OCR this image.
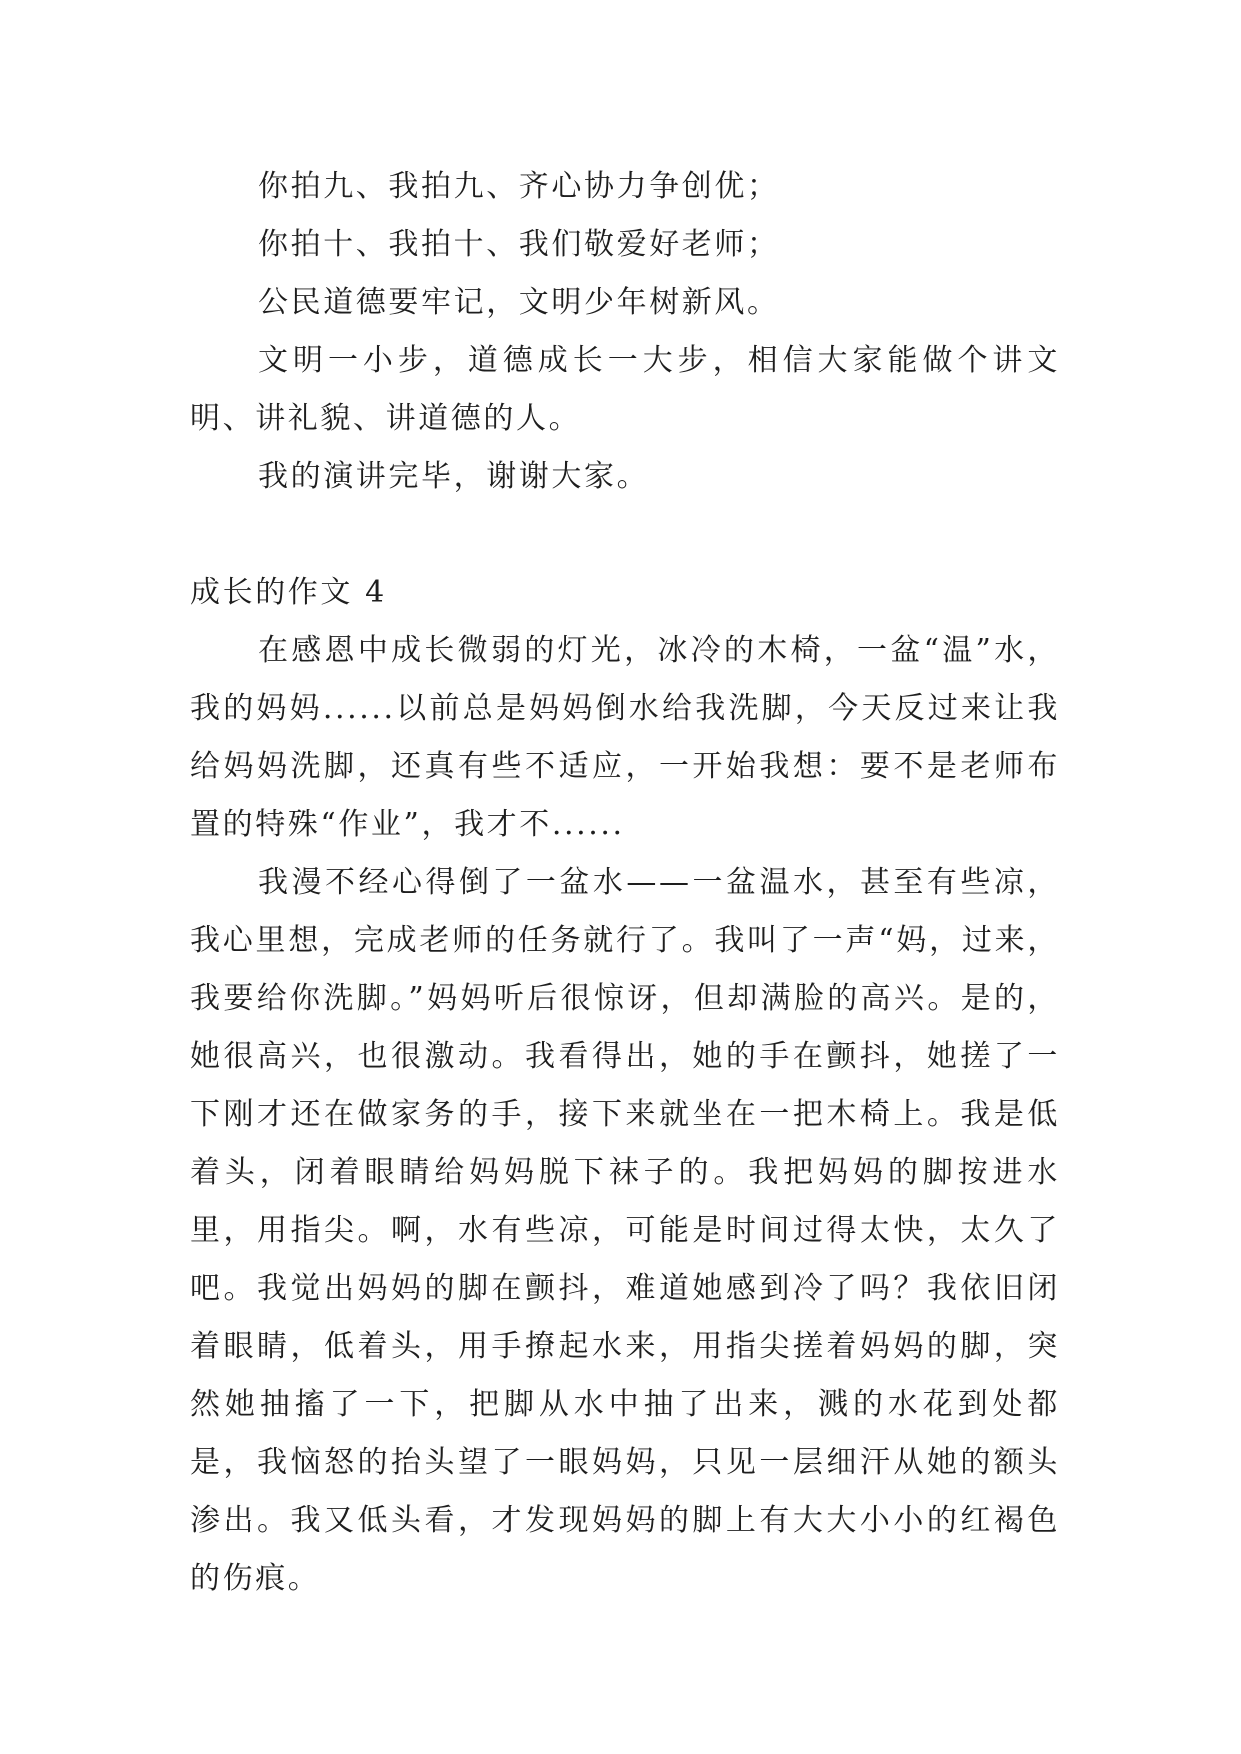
你拍九、我拍九、齐心协力争创优；

你拍十、我拍十、我们敬爱好老师；

公民道德要牢记，文明少年树新风。

文明一小步，道德成长一大步，相信大家能做个讲文明、讲礼貌、讲道德的人。

我的演讲完毕，谢谢大家。

成长的作文 4

在感恩中成长微弱的灯光，冰冷的木椅，一盆“温”水，我的妈妈......以前总是妈妈倒水给我洗脚，今天反过来让我给妈妈洗脚，还真有些不适应，一开始我想：要不是老师布置的特殊“作业”，我才不......

我漫不经心得倒了一盆水——一盆温水，甚至有些凉，我心里想，完成老师的任务就行了。我叫了一声“妈，过来，我要给你洗脚。”妈妈听后很惊讶，但却满脸的高兴。是的，她很高兴，也很激动。我看得出，她的手在颤抖，她搓了一下刚才还在做家务的手，接下来就坐在一把木椅上。我是低着头，闭着眼睛给妈妈脱下袜子的。我把妈妈的脚按进水里，用指尖。啊，水有些凉，可能是时间过得太快，太久了吧。我觉出妈妈的脚在颤抖，难道她感到冷了吗？我依旧闭着眼睛，低着头，用手撩起水来，用指尖搓着妈妈的脚，突然她抽搐了一下，把脚从水中抽了出来，溅的水花到处都是，我恼怒的抬头望了一眼妈妈，只见一层细汗从她的额头渗出。我又低头看，才发现妈妈的脚上有大大小小的红褐色的伤痕。
